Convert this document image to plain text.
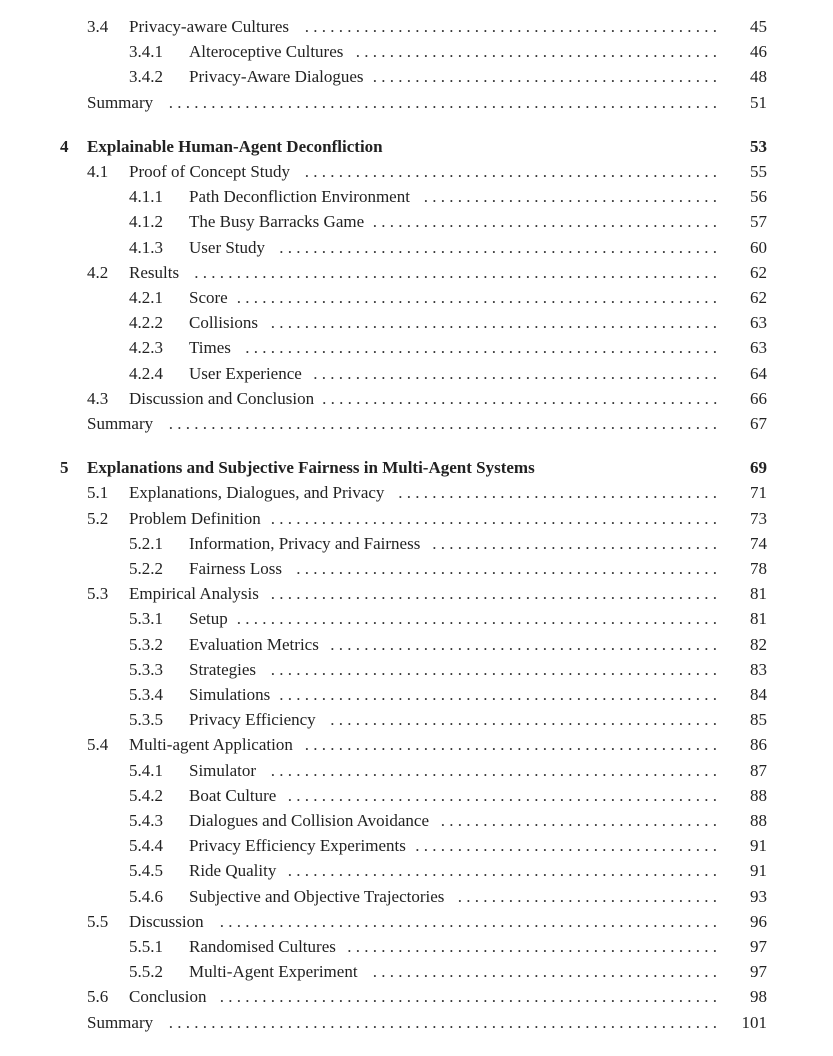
3.4 Privacy-aware Cultures . . . . . . . . . . . . . . . . . . . . . . . . . . . . . . . . . . . . . . . . . . . . . . . . .	45
3.4.1 Alteroceptive Cultures . . . . . . . . . . . . . . . . . . . . . . . . . . . . . . . . . . . . . . . . . . .	46
3.4.2 Privacy-Aware Dialogues . . . . . . . . . . . . . . . . . . . . . . . . . . . . . . . . . . . . . . . . .	48
Summary . . . . . . . . . . . . . . . . . . . . . . . . . . . . . . . . . . . . . . . . . . . . . . . . . . . . . . . . . . . . . . . . .	51
4 Explainable Human-Agent Deconfliction	53
4.1 Proof of Concept Study . . . . . . . . . . . . . . . . . . . . . . . . . . . . . . . . . . . . . . . . . . . . . . . . .	55
4.1.1 Path Deconfliction Environment . . . . . . . . . . . . . . . . . . . . . . . . . . . . . . . . . . .	56
4.1.2 The Busy Barracks Game . . . . . . . . . . . . . . . . . . . . . . . . . . . . . . . . . . . . . . . . .	57
4.1.3 User Study . . . . . . . . . . . . . . . . . . . . . . . . . . . . . . . . . . . . . . . . . . . . . . . . . . . .	60
4.2 Results . . . . . . . . . . . . . . . . . . . . . . . . . . . . . . . . . . . . . . . . . . . . . . . . . . . . . . . . . . . . . .	62
4.2.1 Score . . . . . . . . . . . . . . . . . . . . . . . . . . . . . . . . . . . . . . . . . . . . . . . . . . . . . . . . .	62
4.2.2 Collisions . . . . . . . . . . . . . . . . . . . . . . . . . . . . . . . . . . . . . . . . . . . . . . . . . . . . .	63
4.2.3 Times . . . . . . . . . . . . . . . . . . . . . . . . . . . . . . . . . . . . . . . . . . . . . . . . . . . . . . . .	63
4.2.4 User Experience . . . . . . . . . . . . . . . . . . . . . . . . . . . . . . . . . . . . . . . . . . . . . . . .	64
4.3 Discussion and Conclusion . . . . . . . . . . . . . . . . . . . . . . . . . . . . . . . . . . . . . . . . . . . . . . .	66
Summary . . . . . . . . . . . . . . . . . . . . . . . . . . . . . . . . . . . . . . . . . . . . . . . . . . . . . . . . . . . . . . . . .	67
5 Explanations and Subjective Fairness in Multi-Agent Systems	69
5.1 Explanations, Dialogues, and Privacy . . . . . . . . . . . . . . . . . . . . . . . . . . . . . . . . . . . . . .	71
5.2 Problem Definition . . . . . . . . . . . . . . . . . . . . . . . . . . . . . . . . . . . . . . . . . . . . . . . . . . . . .	73
5.2.1 Information, Privacy and Fairness . . . . . . . . . . . . . . . . . . . . . . . . . . . . . . . . . .	74
5.2.2 Fairness Loss . . . . . . . . . . . . . . . . . . . . . . . . . . . . . . . . . . . . . . . . . . . . . . . . . .	78
5.3 Empirical Analysis . . . . . . . . . . . . . . . . . . . . . . . . . . . . . . . . . . . . . . . . . . . . . . . . . . . . .	81
5.3.1 Setup . . . . . . . . . . . . . . . . . . . . . . . . . . . . . . . . . . . . . . . . . . . . . . . . . . . . . . . . .	81
5.3.2 Evaluation Metrics . . . . . . . . . . . . . . . . . . . . . . . . . . . . . . . . . . . . . . . . . . . . . .	82
5.3.3 Strategies . . . . . . . . . . . . . . . . . . . . . . . . . . . . . . . . . . . . . . . . . . . . . . . . . . . . .	83
5.3.4 Simulations . . . . . . . . . . . . . . . . . . . . . . . . . . . . . . . . . . . . . . . . . . . . . . . . . . . .	84
5.3.5 Privacy Efficiency . . . . . . . . . . . . . . . . . . . . . . . . . . . . . . . . . . . . . . . . . . . . . .	85
5.4 Multi-agent Application . . . . . . . . . . . . . . . . . . . . . . . . . . . . . . . . . . . . . . . . . . . . . . . . .	86
5.4.1 Simulator . . . . . . . . . . . . . . . . . . . . . . . . . . . . . . . . . . . . . . . . . . . . . . . . . . . . .	87
5.4.2 Boat Culture . . . . . . . . . . . . . . . . . . . . . . . . . . . . . . . . . . . . . . . . . . . . . . . . . . .	88
5.4.3 Dialogues and Collision Avoidance . . . . . . . . . . . . . . . . . . . . . . . . . . . . . . . . .	88
5.4.4 Privacy Efficiency Experiments . . . . . . . . . . . . . . . . . . . . . . . . . . . . . . . . . . . .	91
5.4.5 Ride Quality . . . . . . . . . . . . . . . . . . . . . . . . . . . . . . . . . . . . . . . . . . . . . . . . . . .	91
5.4.6 Subjective and Objective Trajectories . . . . . . . . . . . . . . . . . . . . . . . . . . . . . . .	93
5.5 Discussion . . . . . . . . . . . . . . . . . . . . . . . . . . . . . . . . . . . . . . . . . . . . . . . . . . . . . . . . . . .	96
5.5.1 Randomised Cultures . . . . . . . . . . . . . . . . . . . . . . . . . . . . . . . . . . . . . . . . . . . .	97
5.5.2 Multi-Agent Experiment . . . . . . . . . . . . . . . . . . . . . . . . . . . . . . . . . . . . . . . . .	97
5.6 Conclusion . . . . . . . . . . . . . . . . . . . . . . . . . . . . . . . . . . . . . . . . . . . . . . . . . . . . . . . . . . .	98
Summary . . . . . . . . . . . . . . . . . . . . . . . . . . . . . . . . . . . . . . . . . . . . . . . . . . . . . . . . . . . . . . . . .	101
